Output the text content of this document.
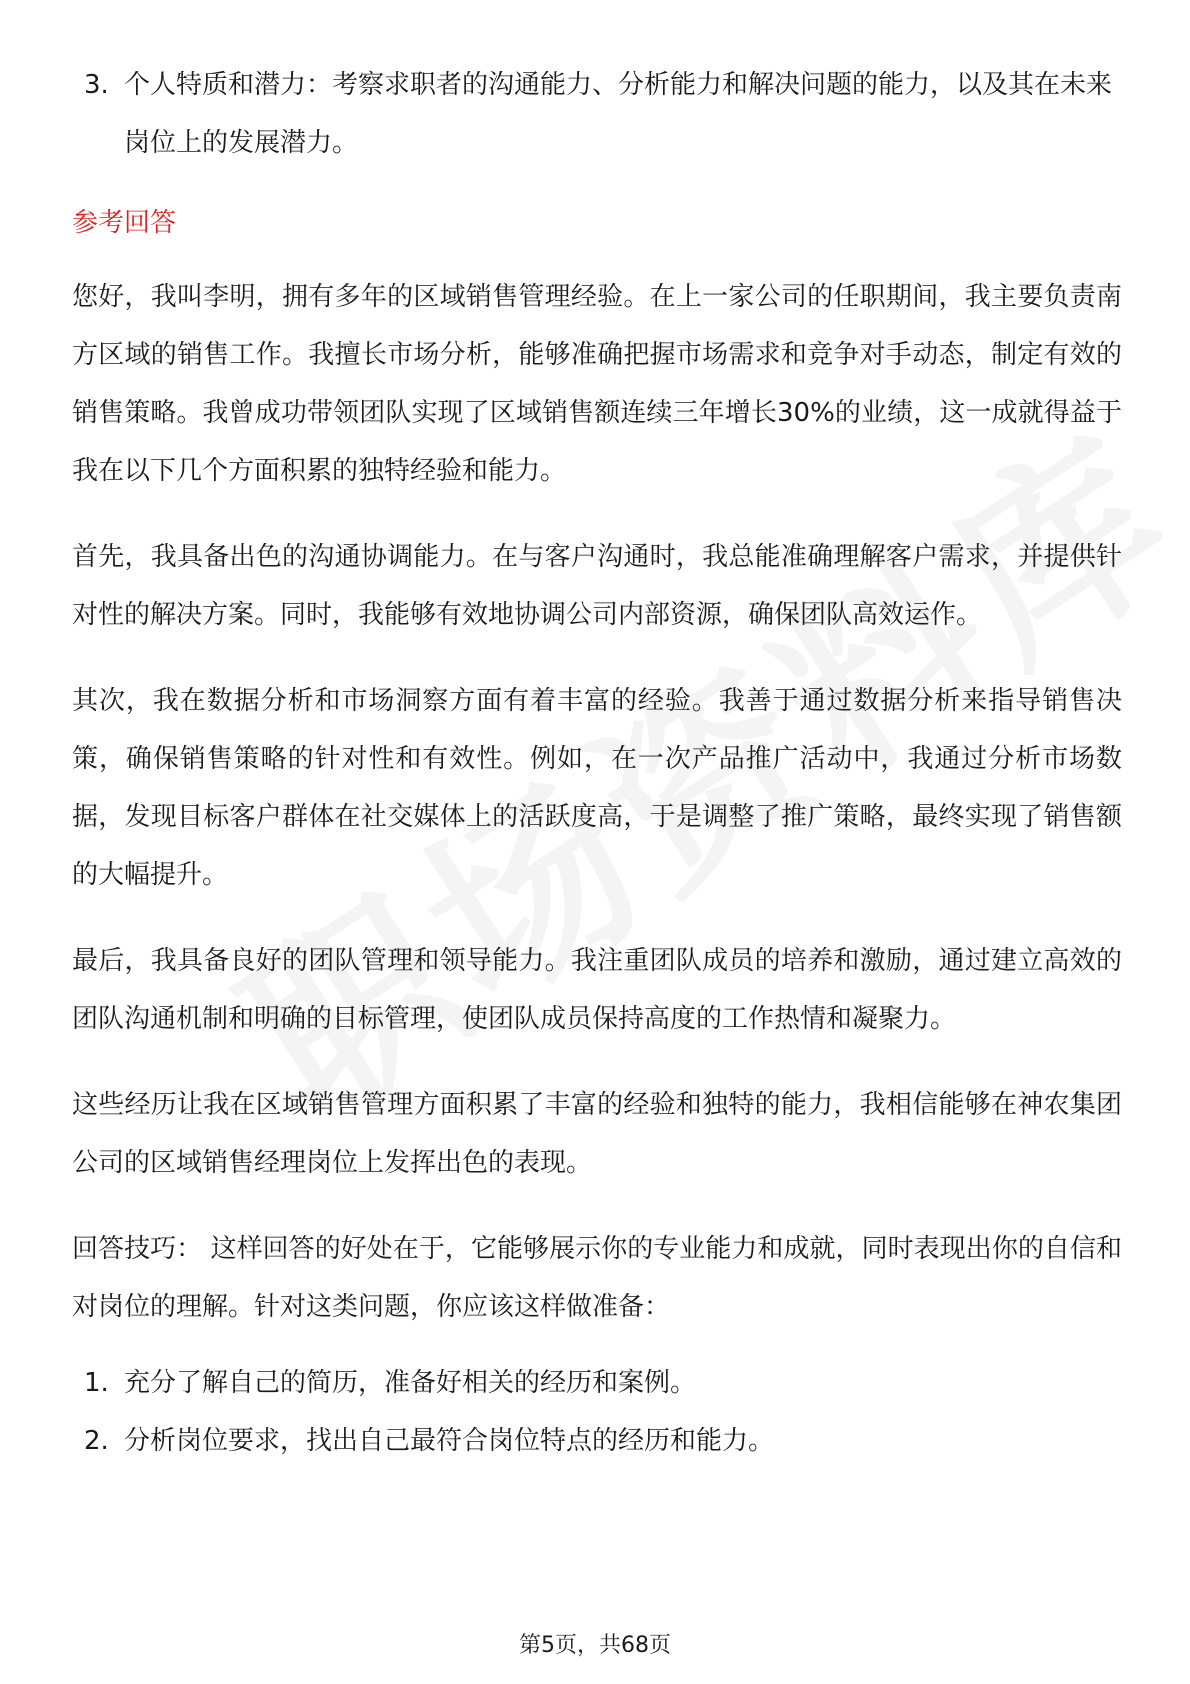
3. 个人特质和潜力：考察求职者的沟通能力、分析能力和解决问题的能力，以及其在未来岗位上的发展潜力。
参考回答

您好，我叫李明，拥有多年的区域销售管理经验。在上一家公司的任职期间，我主要负责南方区域的销售工作。我擅长市场分析，能够准确把握市场需求和竞争对手动态，制定有效的销售策略。我曾成功带领团队实现了区域销售额连续三年增长30%的业绩，这一成就得益于我在以下几个方面积累的独特经验和能力。

首先，我具备出色的沟通协调能力。在与客户沟通时，我总能准确理解客户需求，并提供针对性的解决方案。同时，我能够有效地协调公司内部资源，确保团队高效运作。

其次，我在数据分析和市场洞察方面有着丰富的经验。我善于通过数据分析来指导销售决策，确保销售策略的针对性和有效性。例如，在一次产品推广活动中，我通过分析市场数据，发现目标客户群体在社交媒体上的活跃度高，于是调整了推广策略，最终实现了销售额的大幅提升。

最后，我具备良好的团队管理和领导能力。我注重团队成员的培养和激励，通过建立高效的团队沟通机制和明确的目标管理，使团队成员保持高度的工作热情和凝聚力。

这些经历让我在区域销售管理方面积累了丰富的经验和独特的能力，我相信能够在神农集团公司的区域销售经理岗位上发挥出色的表现。

回答技巧： 这样回答的好处在于，它能够展示你的专业能力和成就，同时表现出你的自信和对岗位的理解。针对这类问题，你应该这样做准备：

1. 充分了解自己的简历，准备好相关的经历和案例。
2. 分析岗位要求，找出自己最符合岗位特点的经历和能力。
第5页，共68页
